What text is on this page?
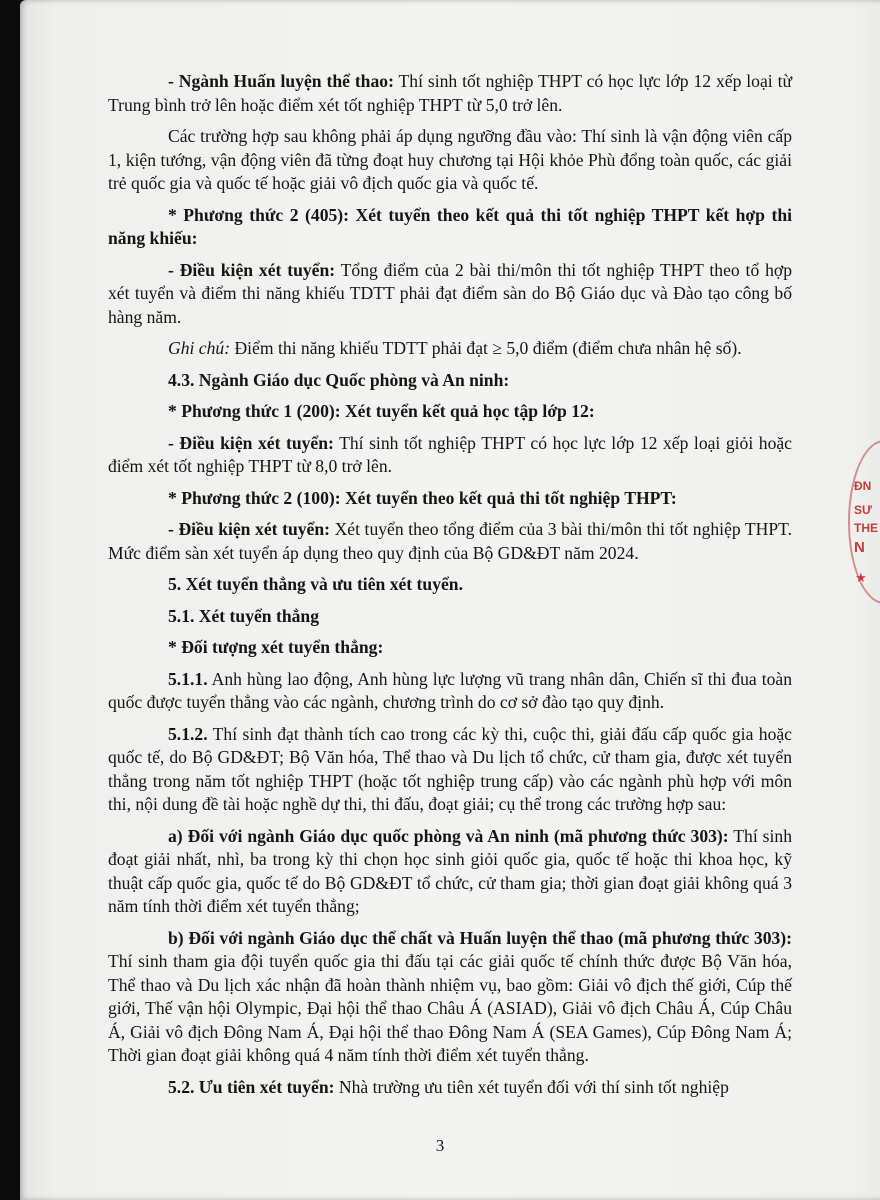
- Ngành Huấn luyện thể thao: Thí sinh tốt nghiệp THPT có học lực lớp 12 xếp loại từ Trung bình trở lên hoặc điểm xét tốt nghiệp THPT từ 5,0 trở lên.

Các trường hợp sau không phải áp dụng ngưỡng đầu vào: Thí sinh là vận động viên cấp 1, kiện tướng, vận động viên đã từng đoạt huy chương tại Hội khỏe Phù đổng toàn quốc, các giải trẻ quốc gia và quốc tế hoặc giải vô địch quốc gia và quốc tế.

* Phương thức 2 (405): Xét tuyển theo kết quả thi tốt nghiệp THPT kết hợp thi năng khiếu:

- Điều kiện xét tuyển: Tổng điểm của 2 bài thi/môn thi tốt nghiệp THPT theo tổ hợp xét tuyển và điểm thi năng khiếu TDTT phải đạt điểm sàn do Bộ Giáo dục và Đào tạo công bố hàng năm.

Ghi chú: Điểm thi năng khiếu TDTT phải đạt ≥ 5,0 điểm (điểm chưa nhân hệ số).

4.3. Ngành Giáo dục Quốc phòng và An ninh:

* Phương thức 1 (200): Xét tuyển kết quả học tập lớp 12:

- Điều kiện xét tuyển: Thí sinh tốt nghiệp THPT có học lực lớp 12 xếp loại giỏi hoặc điểm xét tốt nghiệp THPT từ 8,0 trở lên.

* Phương thức 2 (100): Xét tuyển theo kết quả thi tốt nghiệp THPT:

- Điều kiện xét tuyển: Xét tuyển theo tổng điểm của 3 bài thi/môn thi tốt nghiệp THPT. Mức điểm sàn xét tuyển áp dụng theo quy định của Bộ GD&ĐT năm 2024.

5. Xét tuyển thẳng và ưu tiên xét tuyển.

5.1. Xét tuyển thẳng

* Đối tượng xét tuyển thẳng:

5.1.1. Anh hùng lao động, Anh hùng lực lượng vũ trang nhân dân, Chiến sĩ thi đua toàn quốc được tuyển thẳng vào các ngành, chương trình do cơ sở đào tạo quy định.

5.1.2. Thí sinh đạt thành tích cao trong các kỳ thi, cuộc thi, giải đấu cấp quốc gia hoặc quốc tế, do Bộ GD&ĐT; Bộ Văn hóa, Thể thao và Du lịch tổ chức, cử tham gia, được xét tuyển thẳng trong năm tốt nghiệp THPT (hoặc tốt nghiệp trung cấp) vào các ngành phù hợp với môn thi, nội dung đề tài hoặc nghề dự thi, thi đấu, đoạt giải; cụ thể trong các trường hợp sau:

a) Đối với ngành Giáo dục quốc phòng và An ninh (mã phương thức 303): Thí sinh đoạt giải nhất, nhì, ba trong kỳ thi chọn học sinh giỏi quốc gia, quốc tế hoặc thi khoa học, kỹ thuật cấp quốc gia, quốc tế do Bộ GD&ĐT tổ chức, cử tham gia; thời gian đoạt giải không quá 3 năm tính thời điểm xét tuyển thẳng;

b) Đối với ngành Giáo dục thể chất và Huấn luyện thể thao (mã phương thức 303): Thí sinh tham gia đội tuyển quốc gia thi đấu tại các giải quốc tế chính thức được Bộ Văn hóa, Thể thao và Du lịch xác nhận đã hoàn thành nhiệm vụ, bao gồm: Giải vô địch thế giới, Cúp thế giới, Thế vận hội Olympic, Đại hội thể thao Châu Á (ASIAD), Giải vô địch Châu Á, Cúp Châu Á, Giải vô địch Đông Nam Á, Đại hội thể thao Đông Nam Á (SEA Games), Cúp Đông Nam Á; Thời gian đoạt giải không quá 4 năm tính thời điểm xét tuyển thẳng.

5.2. Ưu tiên xét tuyển: Nhà trường ưu tiên xét tuyển đối với thí sinh tốt nghiệp

3
ĐN
SƯ
THE
N
★
